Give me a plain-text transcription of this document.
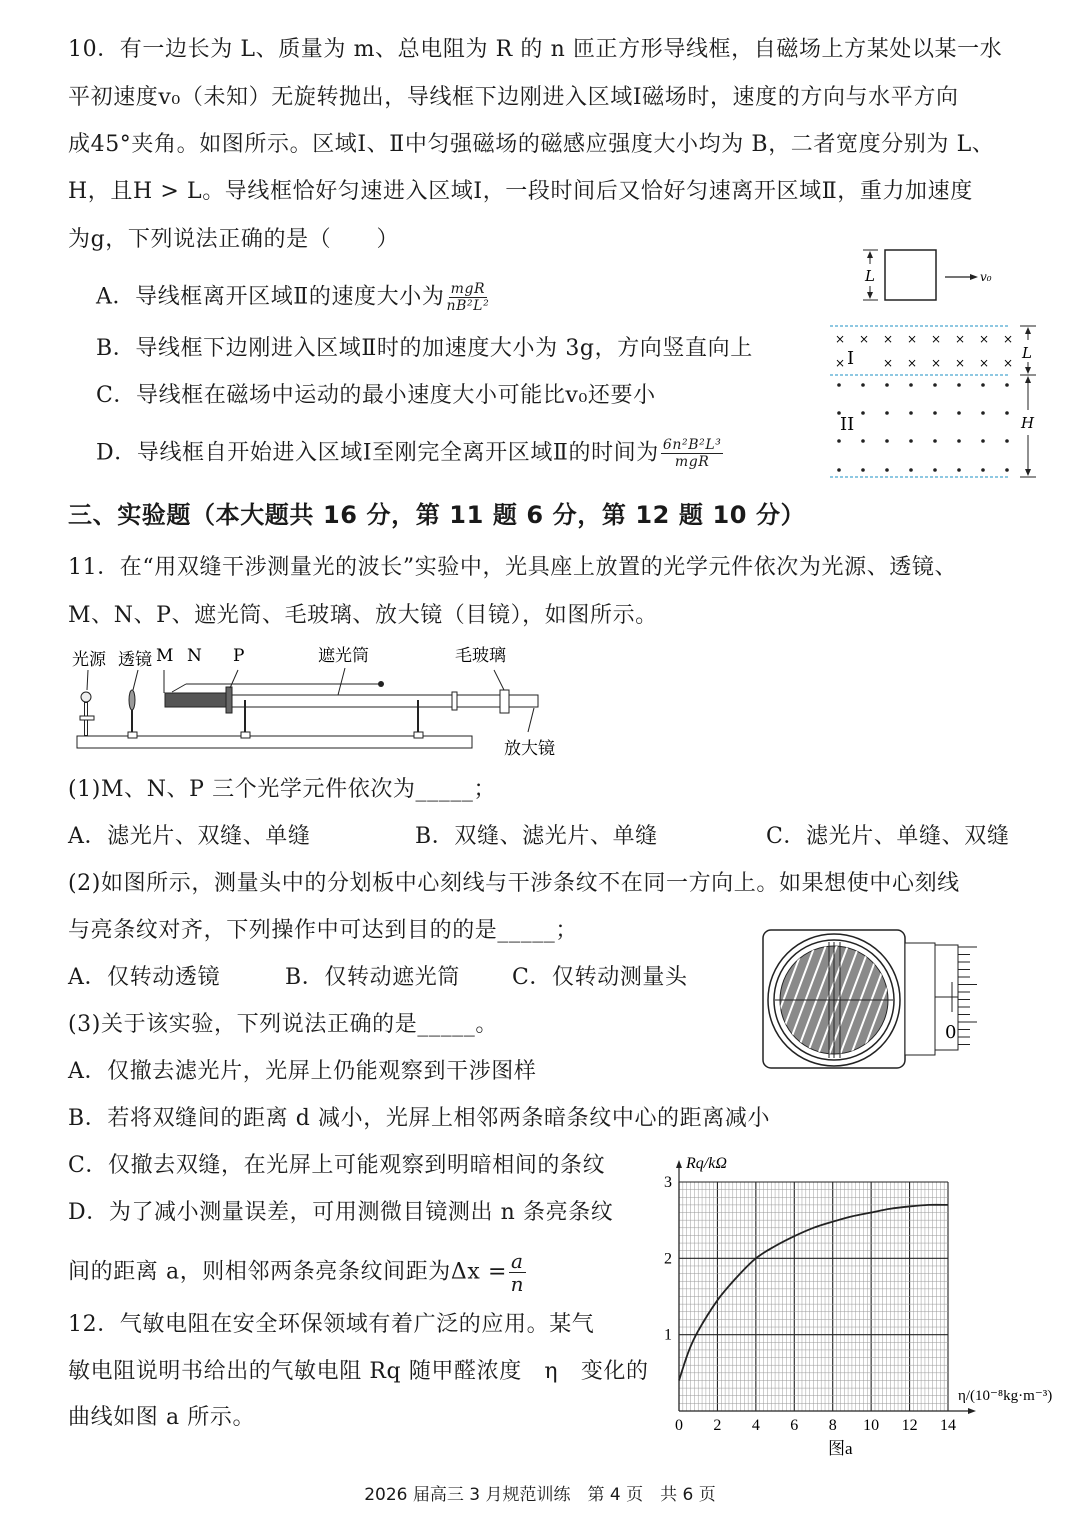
10．有一边长为 L、质量为 m、总电阻为 R 的 n 匝正方形导线框，自磁场上方某处以某一水
平初速度v₀（未知）无旋转抛出，导线框下边刚进入区域Ⅰ磁场时，速度的方向与水平方向
成45°夹角。如图所示。区域Ⅰ、Ⅱ中匀强磁场的磁感应强度大小均为 B，二者宽度分别为 L、
H，且H > L。导线框恰好匀速进入区域Ⅰ，一段时间后又恰好匀速离开区域Ⅱ，重力加速度
为g，下列说法正确的是（　　）
A．导线框离开区域Ⅱ的速度大小为 $\frac{\text{mgR}}{\text{nB²L²}}$
B．导线框下边刚进入区域Ⅱ时的加速度大小为 3g，方向竖直向上
C．导线框在磁场中运动的最小速度大小可能比v₀还要小
D．导线框自开始进入区域Ⅰ至刚完全离开区域Ⅱ的时间为 $\frac{\text{6n²B²L³}}{\text{mgR}}$
L	v₀
× × × × × × × ×
×	× × × × × ×
I
II
L
H
三、实验题（本大题共 16 分，第 11 题 6 分，第 12 题 10 分）
11．在“用双缝干涉测量光的波长”实验中，光具座上放置的光学元件依次为光源、透镜、
M、N、P、遮光筒、毛玻璃、放大镜（目镜），如图所示。
光源 透镜 M N P	遮光筒	毛玻璃
放大镜
(1)M、N、P 三个光学元件依次为_____；
A．滤光片、双缝、单缝	B．双缝、滤光片、单缝	C．滤光片、单缝、双缝
(2)如图所示，测量头中的分划板中心刻线与干涉条纹不在同一方向上。如果想使中心刻线
与亮条纹对齐，下列操作中可达到目的的是_____；
A．仅转动透镜	B．仅转动遮光筒 C．仅转动测量头
0
(3)关于该实验，下列说法正确的是_____。
A．仅撤去滤光片，光屏上仍能观察到干涉图样
B．若将双缝间的距离 d 减小，光屏上相邻两条暗条纹中心的距离减小
C．仅撤去双缝，在光屏上可能观察到明暗相间的条纹
D．为了减小测量误差，可用测微目镜测出 n 条亮条纹
间的距离 a，则相邻两条亮条纹间距为$\Delta x = \frac{a}{n}$
12．气敏电阻在安全环保领域有着广泛的应用。某气
敏电阻说明书给出的气敏电阻 Rq 随甲醛浓度　η　变化的
曲线如图 a 所示。	0 2 4 6 8 10 12 14
1
2
3
Rq/kΩ
η/(10⁻⁸kg·m⁻³)
图a
2026 届高三 3 月规范训练　第 4 页　共 6 页
